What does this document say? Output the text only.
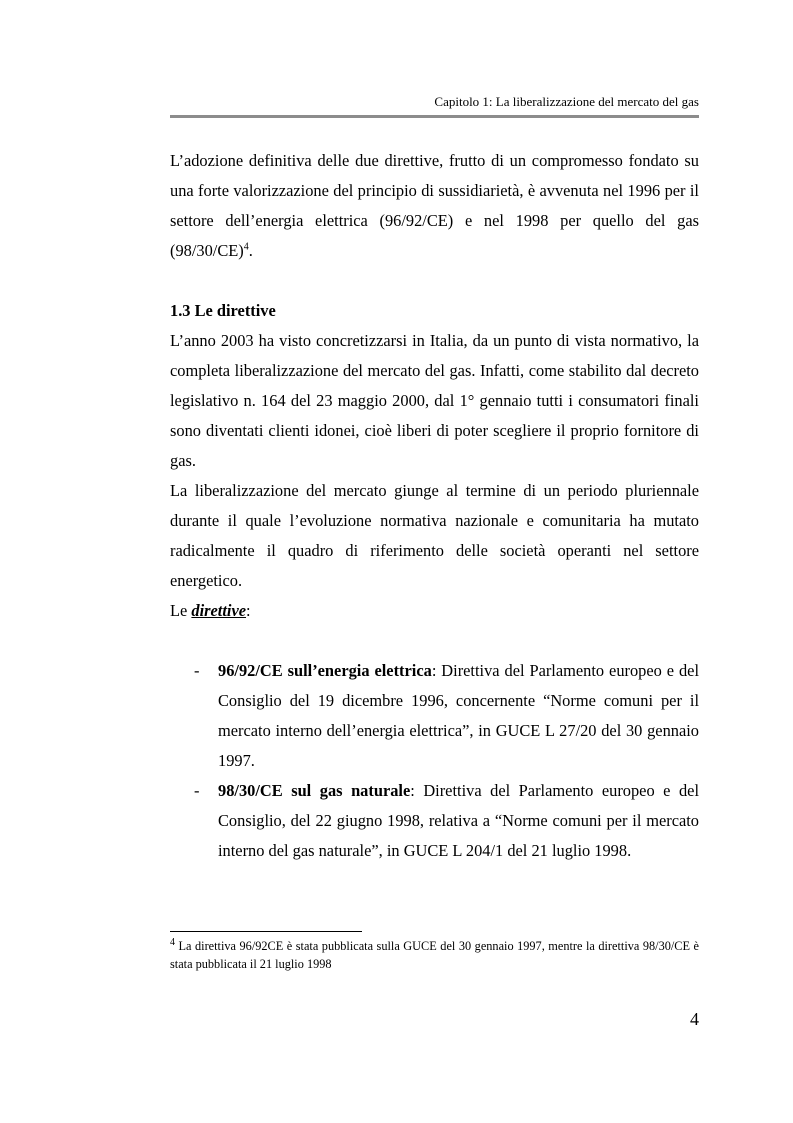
Capitolo 1: La liberalizzazione del mercato del gas

L’adozione definitiva delle due direttive, frutto di un compromesso fondato su una forte valorizzazione del principio di sussidiarietà, è avvenuta nel 1996 per il settore dell’energia elettrica (96/92/CE) e nel 1998 per quello del gas $(98/30/CE)^4$.

1.3 Le direttive

L’anno 2003 ha visto concretizzarsi in Italia, da un punto di vista normativo, la completa liberalizzazione del mercato del gas. Infatti, come stabilito dal decreto legislativo n. 164 del 23 maggio 2000, dal 1° gennaio tutti i consumatori finali sono diventati clienti idonei, cioè liberi di poter scegliere il proprio fornitore di gas.

La liberalizzazione del mercato giunge al termine di un periodo pluriennale durante il quale l’evoluzione normativa nazionale e comunitaria ha mutato radicalmente il quadro di riferimento delle società operanti nel settore energetico.

Le direttive:

- 96/92/CE sull’energia elettrica: Direttiva del Parlamento europeo e del Consiglio del 19 dicembre 1996, concernente “Norme comuni per il mercato interno dell’energia elettrica”, in GUCE L 27/20 del 30 gennaio 1997.
- 98/30/CE sul gas naturale: Direttiva del Parlamento europeo e del Consiglio, del 22 giugno 1998, relativa a “Norme comuni per il mercato interno del gas naturale”, in GUCE L 204/1 del 21 luglio 1998.
$^4$ La direttiva 96/92CE è stata pubblicata sulla GUCE del 30 gennaio 1997, mentre la direttiva 98/30/CE è stata pubblicata il 21 luglio 1998
4
